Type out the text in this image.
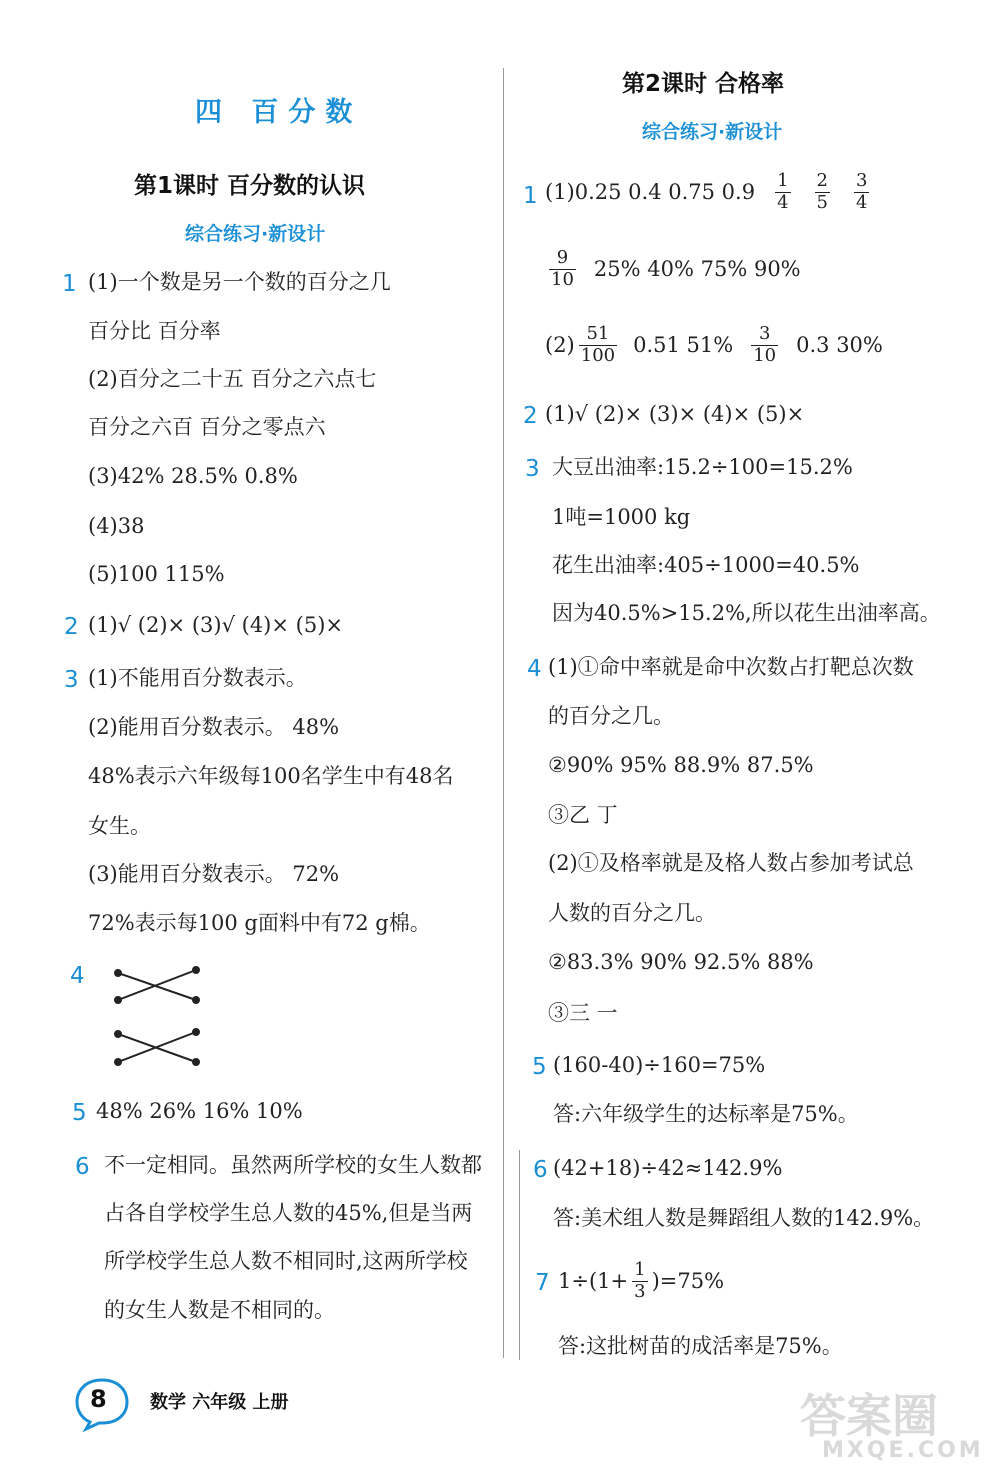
四 百分数
第1课时 百分数的认识
综合练习·新设计
1 (1)一个数是另一个数的百分之几
百分比 百分率
(2)百分之二十五 百分之六点七
百分之六百 百分之零点六
(3)42% 28.5% 0.8%
(4)38
(5)100 115%
2 (1)√ (2)× (3)√ (4)× (5)×
3 (1)不能用百分数表示。
(2)能用百分数表示。 48%
48%表示六年级每100名学生中有48名
女生。
(3)能用百分数表示。 72%
72%表示每100 g面料中有72 g棉。
4
5 48% 26% 16% 10%
6 不一定相同。虽然两所学校的女生人数都
占各自学校学生总人数的45%,但是当两
所学校学生总人数不相同时,这两所学校
的女生人数是不相同的。
第2课时 合格率
综合练习·新设计
1 (1)0.25 0.4 0.75 $0.9 \frac{1}{4} \frac{2}{5} \frac{3}{4}$
$\frac{9}{10} 25\%$ 40% 75% 90%
$(2) \frac{51}{100} 0.51$ $51\% \frac{3}{10} 0.3$ 30%
2 (1)√ (2)× (3)× (4)× (5)×
3 大豆出油率:15.2÷100=15.2%
1吨=1000 kg
花生出油率:405÷1000=40.5%
因为40.5%>15.2%,所以花生出油率高。
4 (1)①命中率就是命中次数占打靶总次数
的百分之几。
②90% 95% 88.9% 87.5%
③乙 丁
(2)①及格率就是及格人数占参加考试总
人数的百分之几。
②83.3% 90% 92.5% 88%
③三 一
5 (160-40)÷160=75%
答:六年级学生的达标率是75%。
6 (42+18)÷42≈142.9%
答:美术组人数是舞蹈组人数的142.9%。
7 $1\div(1+ \frac{1}{3} )=75\%$
答:这批树苗的成活率是75%。
8 数学 六年级 上册	答案圈
MXQE.COM
